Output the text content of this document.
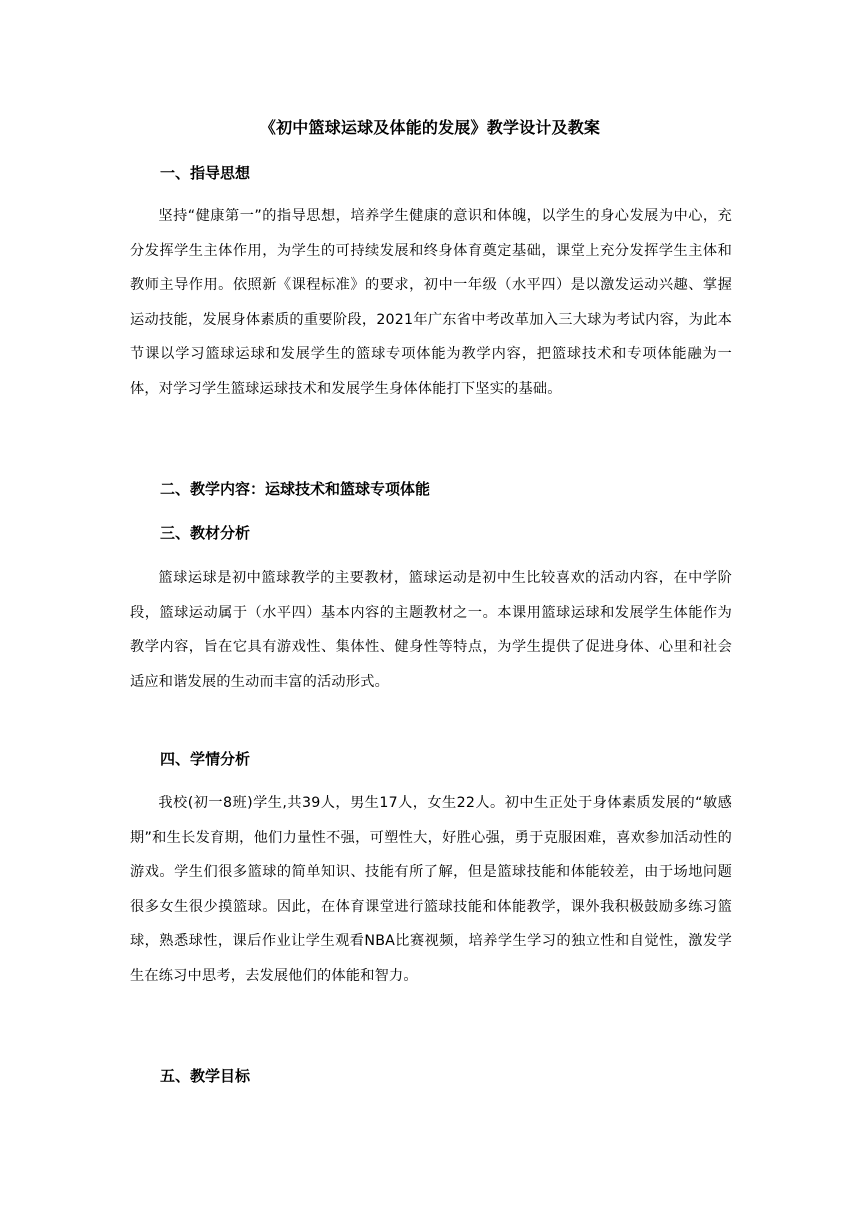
《初中篮球运球及体能的发展》教学设计及教案
一、指导思想
坚持“健康第一”的指导思想，培养学生健康的意识和体魄，以学生的身心发展为中心，充分发挥学生主体作用，为学生的可持续发展和终身体育奠定基础，课堂上充分发挥学生主体和教师主导作用。依照新《课程标准》的要求，初中一年级（水平四）是以激发运动兴趣、掌握运动技能，发展身体素质的重要阶段，2021年广东省中考改革加入三大球为考试内容，为此本节课以学习篮球运球和发展学生的篮球专项体能为教学内容，把篮球技术和专项体能融为一体，对学习学生篮球运球技术和发展学生身体体能打下坚实的基础。
二、教学内容：运球技术和篮球专项体能
三、教材分析
篮球运球是初中篮球教学的主要教材，篮球运动是初中生比较喜欢的活动内容，在中学阶段，篮球运动属于（水平四）基本内容的主题教材之一。本课用篮球运球和发展学生体能作为教学内容，旨在它具有游戏性、集体性、健身性等特点，为学生提供了促进身体、心里和社会适应和谐发展的生动而丰富的活动形式。
四、学情分析
我校(初一8班)学生,共39人，男生17人，女生22人。初中生正处于身体素质发展的“敏感期”和生长发育期，他们力量性不强，可塑性大，好胜心强，勇于克服困难，喜欢参加活动性的游戏。学生们很多篮球的简单知识、技能有所了解，但是篮球技能和体能较差，由于场地问题很多女生很少摸篮球。因此，在体育课堂进行篮球技能和体能教学，课外我积极鼓励多练习篮球，熟悉球性，课后作业让学生观看NBA比赛视频，培养学生学习的独立性和自觉性，激发学生在练习中思考，去发展他们的体能和智力。
五、教学目标
